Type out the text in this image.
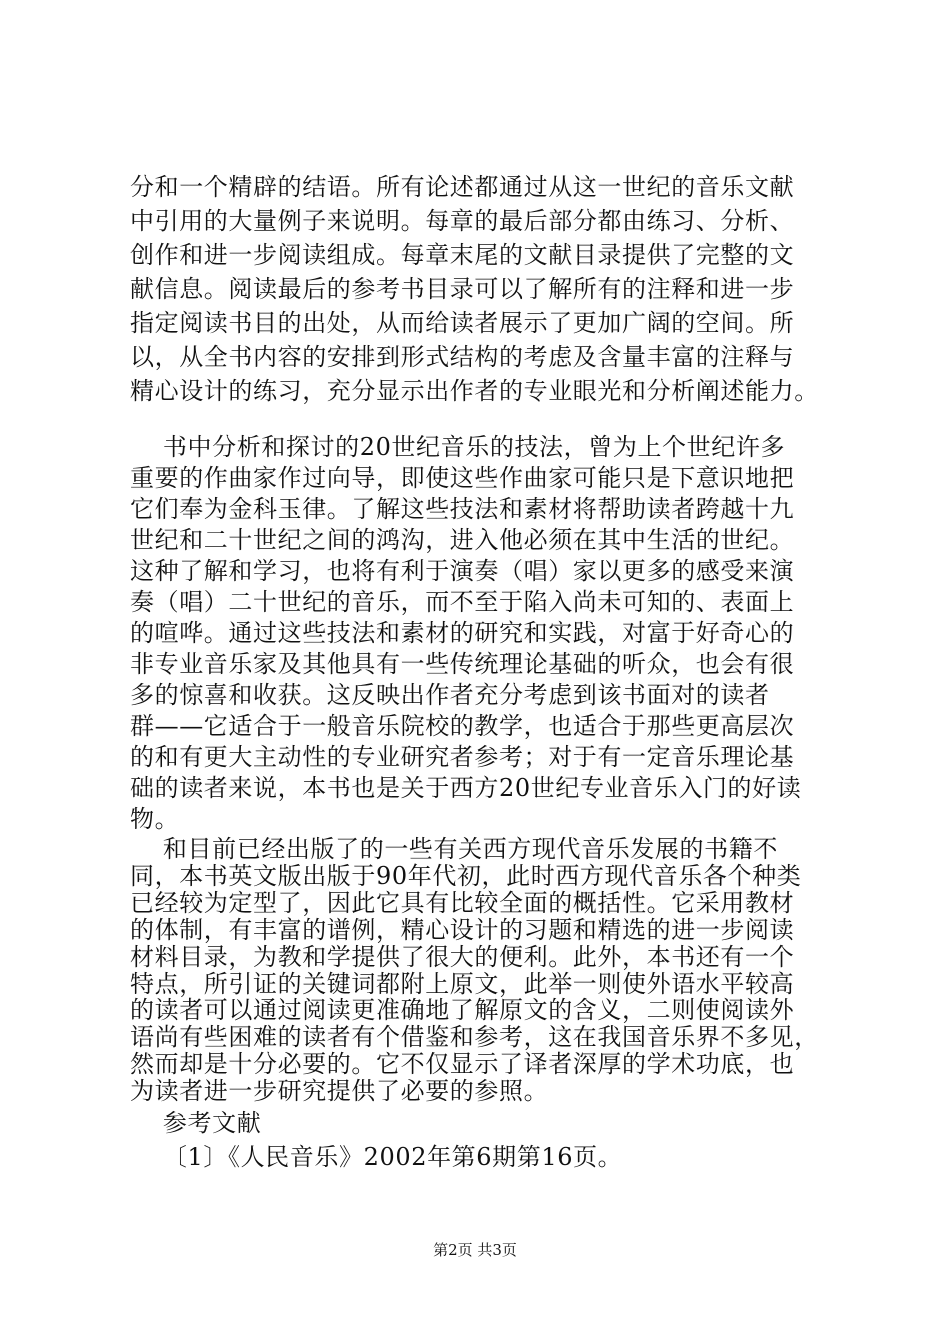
分和一个精辟的结语。所有论述都通过从这一世纪的音乐文献
中引用的大量例子来说明。每章的最后部分都由练习、分析、
创作和进一步阅读组成。每章末尾的文献目录提供了完整的文
献信息。阅读最后的参考书目录可以了解所有的注释和进一步
指定阅读书目的出处，从而给读者展示了更加广阔的空间。所
以，从全书内容的安排到形式结构的考虑及含量丰富的注释与
精心设计的练习，充分显示出作者的专业眼光和分析阐述能力。
书中分析和探讨的20世纪音乐的技法，曾为上个世纪许多
重要的作曲家作过向导，即使这些作曲家可能只是下意识地把
它们奉为金科玉律。了解这些技法和素材将帮助读者跨越十九
世纪和二十世纪之间的鸿沟，进入他必须在其中生活的世纪。
这种了解和学习，也将有利于演奏（唱）家以更多的感受来演
奏（唱）二十世纪的音乐，而不至于陷入尚未可知的、表面上
的喧哗。通过这些技法和素材的研究和实践，对富于好奇心的
非专业音乐家及其他具有一些传统理论基础的听众，也会有很
多的惊喜和收获。这反映出作者充分考虑到该书面对的读者
群——它适合于一般音乐院校的教学，也适合于那些更高层次
的和有更大主动性的专业研究者参考；对于有一定音乐理论基
础的读者来说，本书也是关于西方20世纪专业音乐入门的好读
物。
和目前已经出版了的一些有关西方现代音乐发展的书籍不
同，本书英文版出版于90年代初，此时西方现代音乐各个种类
已经较为定型了，因此它具有比较全面的概括性。它采用教材
的体制，有丰富的谱例，精心设计的习题和精选的进一步阅读
材料目录，为教和学提供了很大的便利。此外，本书还有一个
特点，所引证的关键词都附上原文，此举一则使外语水平较高
的读者可以通过阅读更准确地了解原文的含义，二则使阅读外
语尚有些困难的读者有个借鉴和参考，这在我国音乐界不多见，
然而却是十分必要的。它不仅显示了译者深厚的学术功底，也
为读者进一步研究提供了必要的参照。
参考文献
〔1〕《人民音乐》2002年第6期第16页。
第2页 共3页
